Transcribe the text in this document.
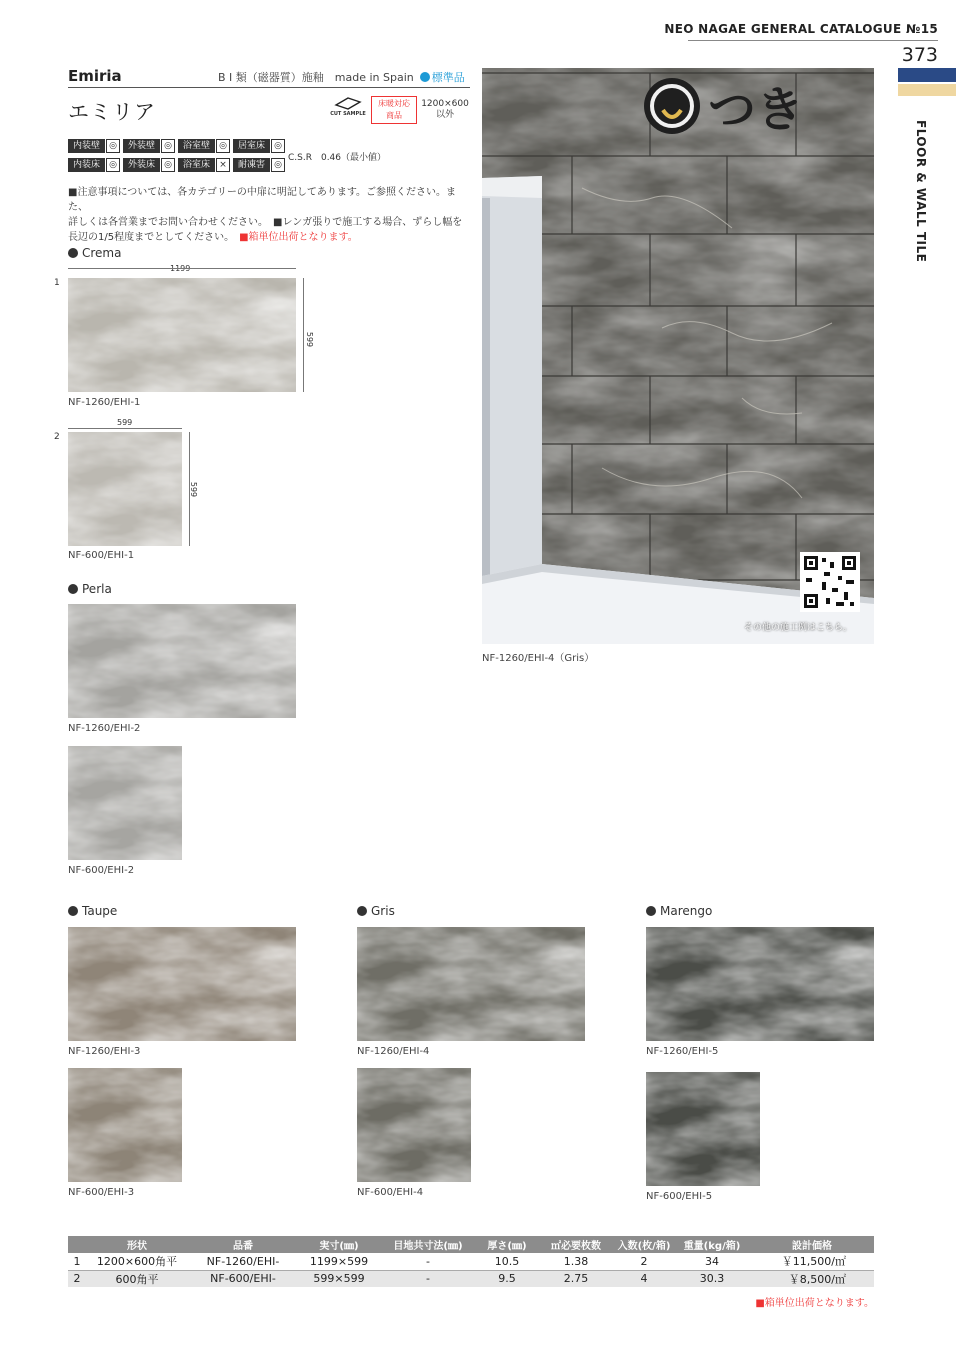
NEO NAGAE GENERAL CATALOGUE №15
373
FLOOR & WALL TILE
Emiria	B I 類（磁器質）施釉　made in Spain 標準品
エミリア	CUT SAMPLE
床暖対応
商品
1200×600
以外
内装壁	◎	外装壁	◎	浴室壁	◎	居室床	◎
内装床	◎	外装床	◎	浴室床	×	耐凍害	◎
C.S.R　0.46（最小値）
■注意事項については、各カテゴリーの中扉に明記してあります。ご参照ください。また、
詳しくは各営業までお問い合わせください。　■レンガ張りで施工する場合、ずらし幅を
長辺の1/5程度までとしてください。　■箱単位出荷となります。
Crema
1
599
NF-1260/EHI-1
599
2
599
NF-600/EHI-1
Perla
NF-1260/EHI-2
NF-600/EHI-2
つき
その他の施工例はこちら。
NF-1260/EHI-4（Gris）
Taupe
NF-1260/EHI-3
NF-600/EHI-3
Gris
NF-1260/EHI-4
NF-600/EHI-4
Marengo
NF-1260/EHI-5
NF-600/EHI-5
	形状	品番	実寸(㎜)	目地共寸法(㎜)	厚さ(㎜)	㎡必要枚数	入数(枚/箱)	重量(kg/箱)	設計価格
1	1200×600角平	NF-1260/EHI-	1199×599	-	10.5	1.38	2	34	￥11,500/㎡
2	600角平	NF-600/EHI-	599×599	-	9.5	2.75	4	30.3	￥8,500/㎡
■箱単位出荷となります。
